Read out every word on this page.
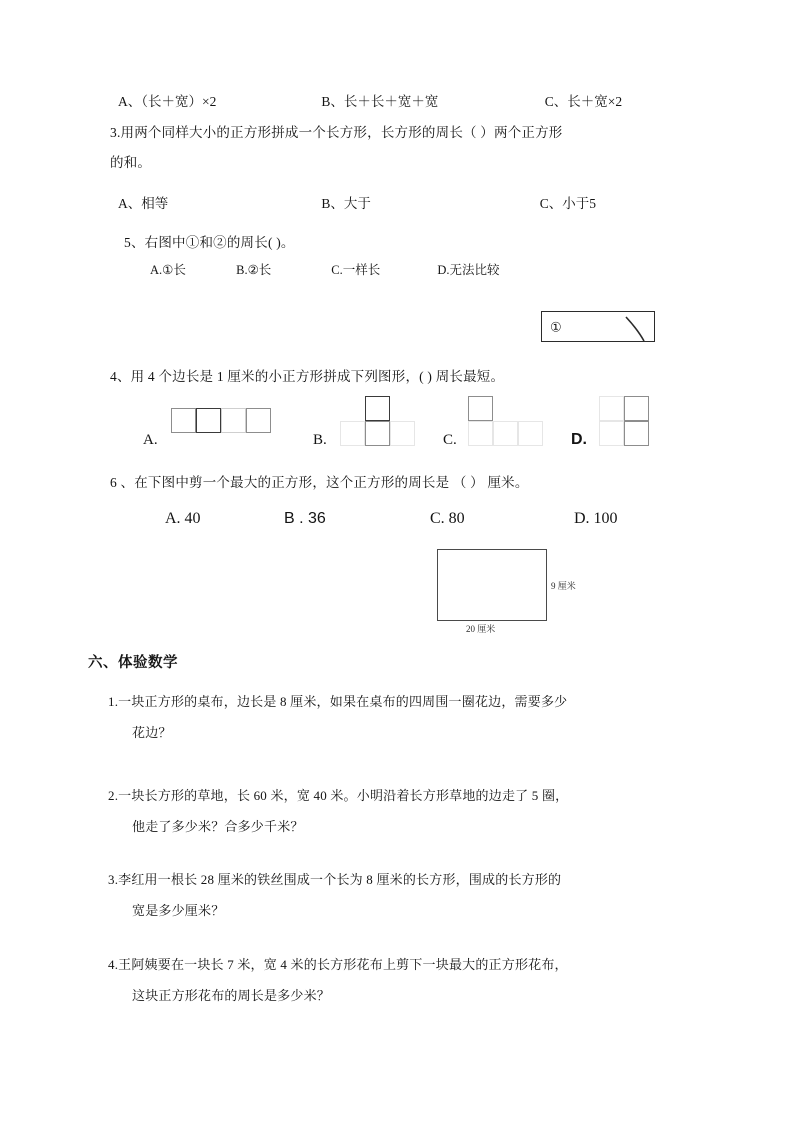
A、（长＋宽）×2	B、长＋长＋宽＋宽	C、长＋宽×2
3.用两个同样大小的正方形拼成一个长方形，长方形的周长（ ）两个正方形
的和。
A、相等	B、大于	C、小于5
5、右图中①和②的周长( )。
A.①长	B.②长	C.一样长	D.无法比较
①
4、用 4 个边长是 1 厘米的小正方形拼成下列图形，( ) 周长最短。
A.	B.	C.	D.
6 、在下图中剪一个最大的正方形，这个正方形的周长是 （ ） 厘米。
A. 40	B . 36	C. 80	D. 100
9 厘米
20 厘米
六、体验数学
1.一块正方形的桌布，边长是 8 厘米，如果在桌布的四周围一圈花边，需要多少
花边？
2.一块长方形的草地，长 60 米，宽 40 米。小明沿着长方形草地的边走了 5 圈，
他走了多少米？合多少千米？
3.李红用一根长 28 厘米的铁丝围成一个长为 8 厘米的长方形，围成的长方形的
宽是多少厘米？
4.王阿姨要在一块长 7 米，宽 4 米的长方形花布上剪下一块最大的正方形花布，
这块正方形花布的周长是多少米？
